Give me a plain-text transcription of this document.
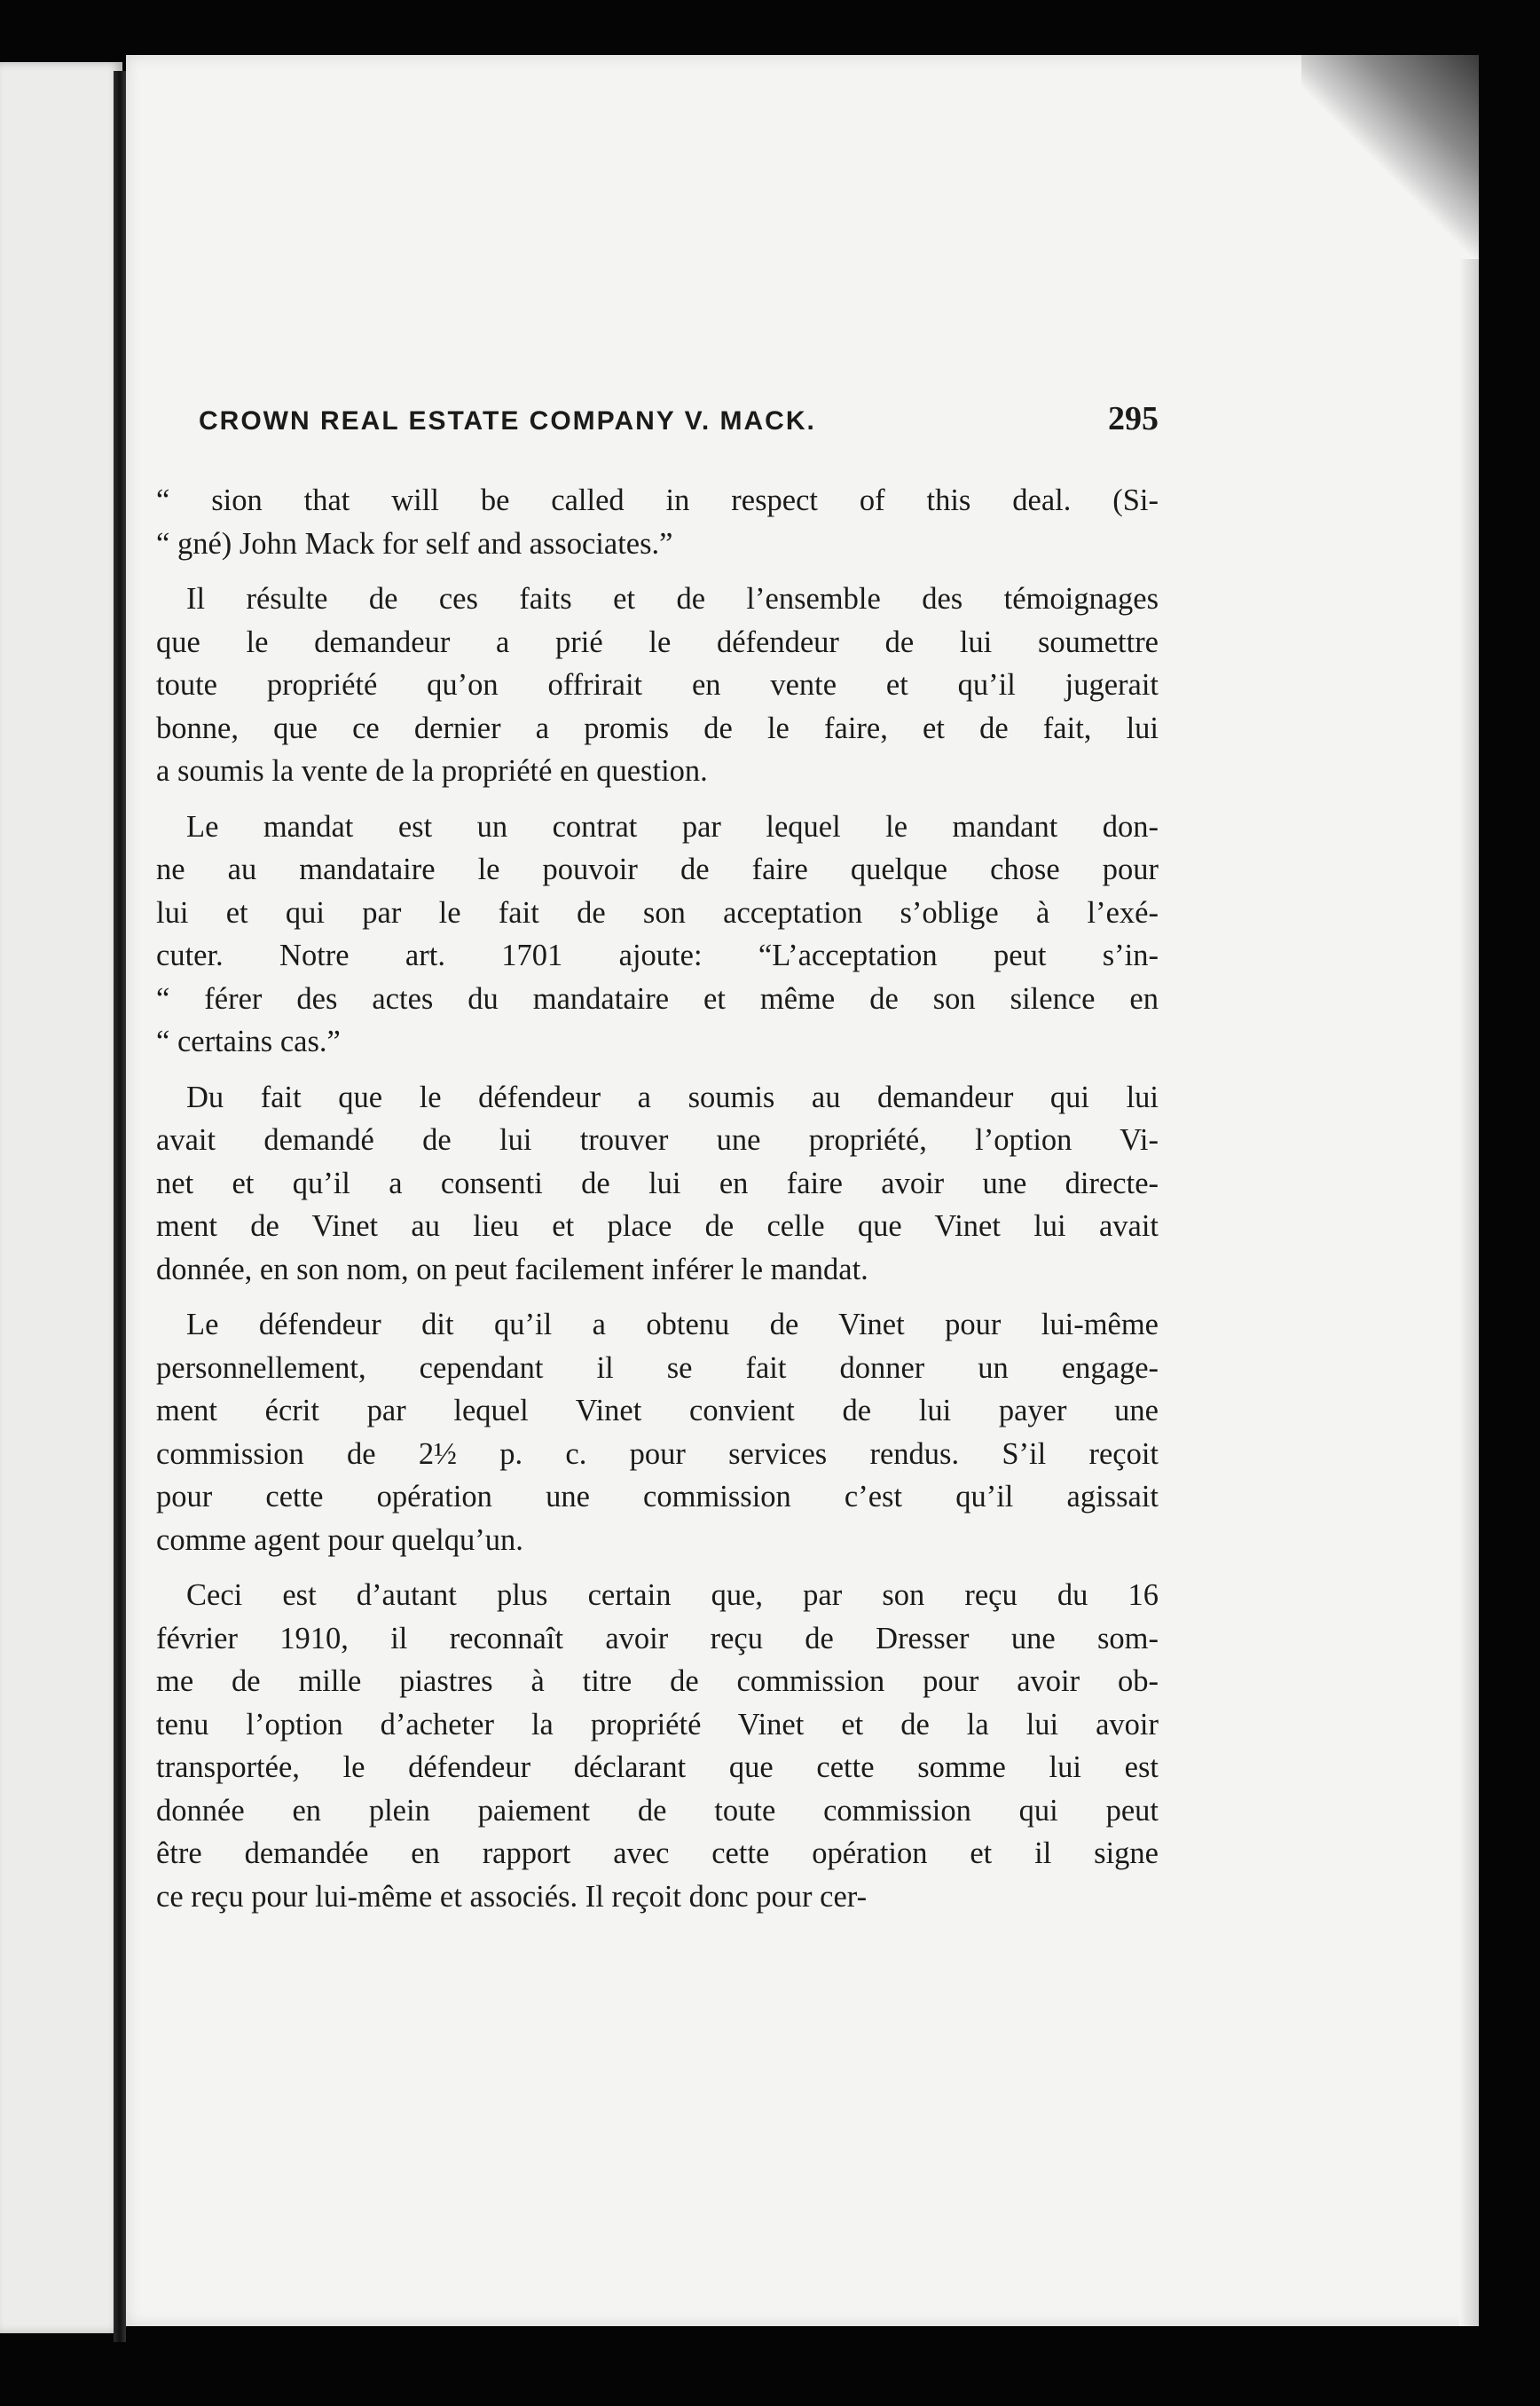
CROWN REAL ESTATE COMPANY V. MACK.	295
“ sion that will be called in respect of this deal. (Si-
“ gné) John Mack for self and associates.”
Il résulte de ces faits et de l’ensemble des témoignages
que le demandeur a prié le défendeur de lui soumettre
toute propriété qu’on offrirait en vente et qu’il jugerait
bonne, que ce dernier a promis de le faire, et de fait, lui
a soumis la vente de la propriété en question.
Le mandat est un contrat par lequel le mandant don-
ne au mandataire le pouvoir de faire quelque chose pour
lui et qui par le fait de son acceptation s’oblige à l’exé-
cuter. Notre art. 1701 ajoute: “L’acceptation peut s’in-
“ férer des actes du mandataire et même de son silence en
“ certains cas.”
Du fait que le défendeur a soumis au demandeur qui lui
avait demandé de lui trouver une propriété, l’option Vi-
net et qu’il a consenti de lui en faire avoir une directe-
ment de Vinet au lieu et place de celle que Vinet lui avait
donnée, en son nom, on peut facilement inférer le mandat.
Le défendeur dit qu’il a obtenu de Vinet pour lui-même
personnellement, cependant il se fait donner un engage-
ment écrit par lequel Vinet convient de lui payer une
commission de 2½ p. c. pour services rendus. S’il reçoit
pour cette opération une commission c’est qu’il agissait
comme agent pour quelqu’un.
Ceci est d’autant plus certain que, par son reçu du 16
février 1910, il reconnaît avoir reçu de Dresser une som-
me de mille piastres à titre de commission pour avoir ob-
tenu l’option d’acheter la propriété Vinet et de la lui avoir
transportée, le défendeur déclarant que cette somme lui est
donnée en plein paiement de toute commission qui peut
être demandée en rapport avec cette opération et il signe
ce reçu pour lui-même et associés. Il reçoit donc pour cer-
